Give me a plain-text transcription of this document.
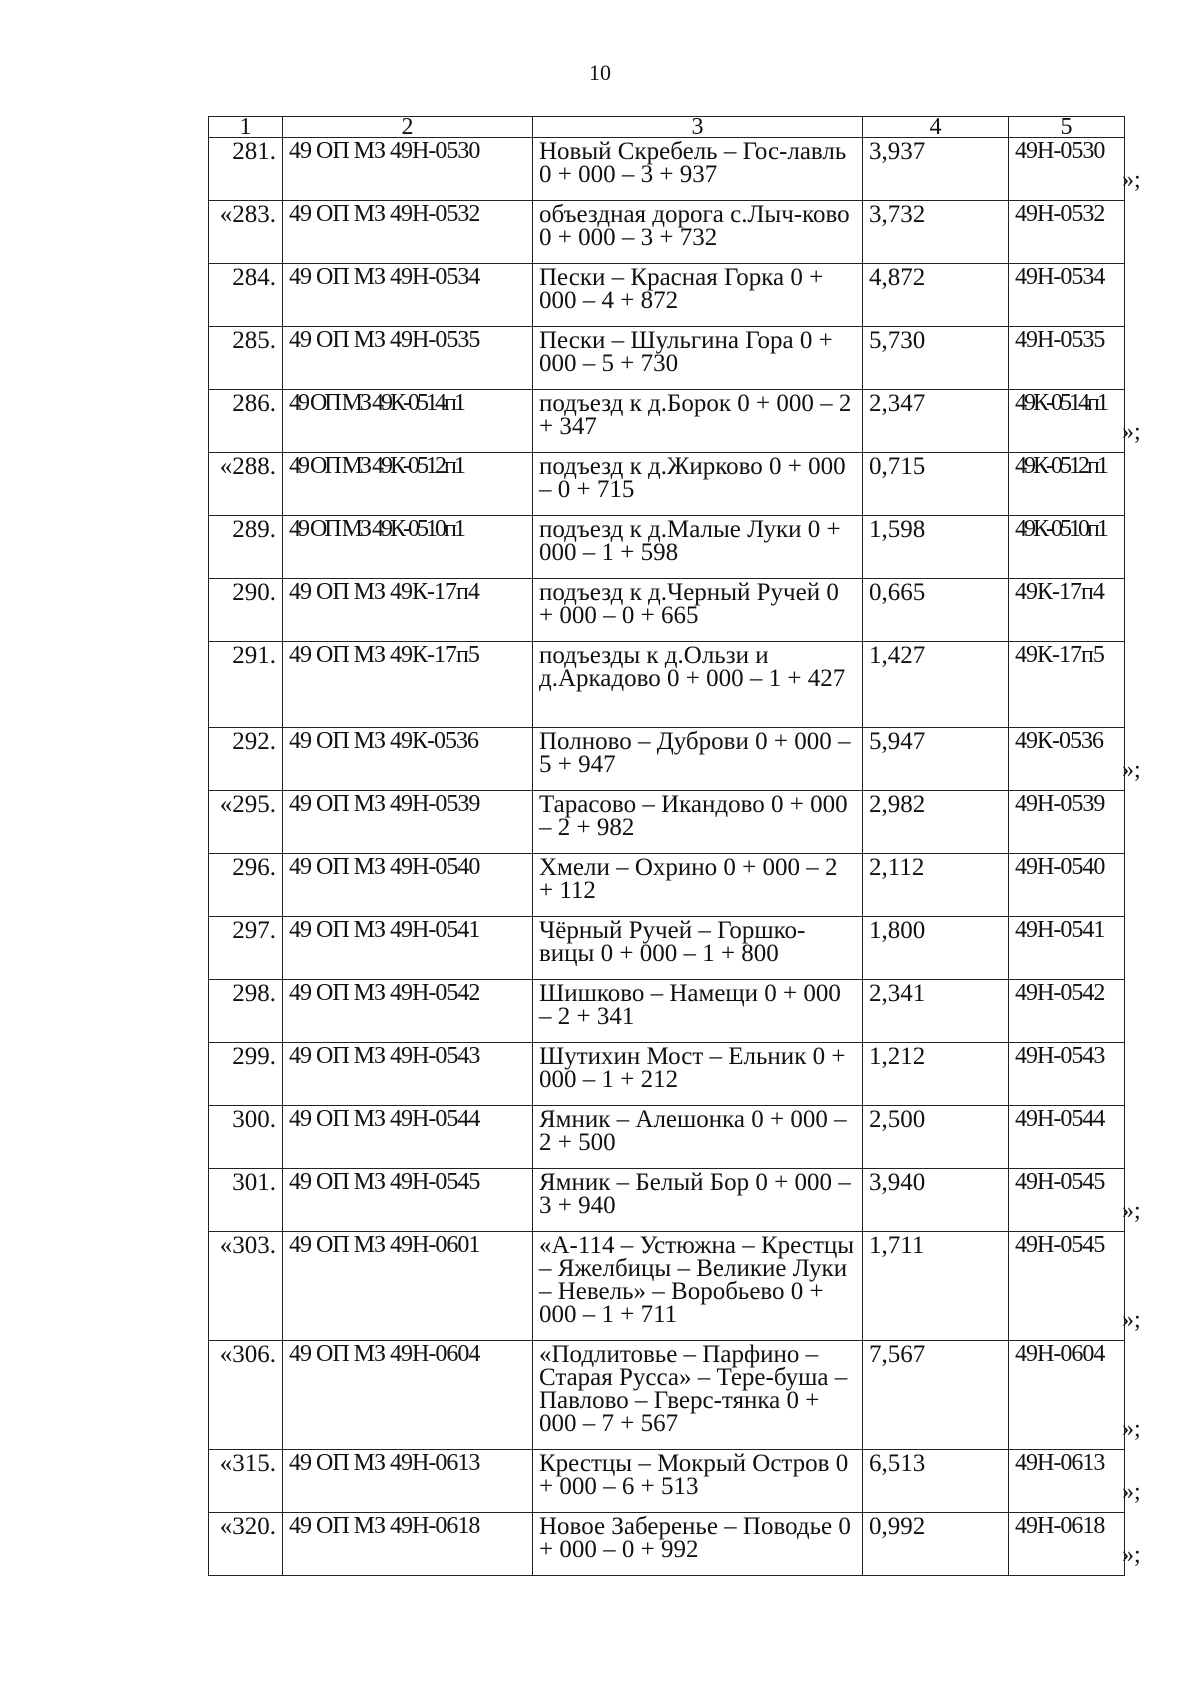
10
1	2	3	4	5
281.	49 ОП МЗ 49Н-0530	Новый Скребель – Гос-лавль 0 + 000 – 3 + 937	3,937	49Н-0530
«283.	49 ОП МЗ 49Н-0532	объездная дорога с.Лыч-ково 0 + 000 – 3 + 732	3,732	49Н-0532
284.	49 ОП МЗ 49Н-0534	Пески – Красная Горка 0 + 000 – 4 + 872	4,872	49Н-0534
285.	49 ОП МЗ 49Н-0535	Пески – Шульгина Гора 0 + 000 – 5 + 730	5,730	49Н-0535
286.	49 ОП МЗ 49К-0514п1	подъезд к д.Борок 0 + 000 – 2 + 347	2,347	49К-0514п1
«288.	49 ОП МЗ 49К-0512п1	подъезд к д.Жирково 0 + 000 – 0 + 715	0,715	49К-0512п1
289.	49 ОП МЗ 49К-0510п1	подъезд к д.Малые Луки 0 + 000 – 1 + 598	1,598	49К-0510п1
290.	49 ОП МЗ 49К-17п4	подъезд к д.Черный Ручей 0 + 000 – 0 + 665	0,665	49К-17п4
291.	49 ОП МЗ 49К-17п5	подъезды к д.Ользи и д.Аркадово 0 + 000 – 1 + 427	1,427	49К-17п5
292.	49 ОП МЗ 49К-0536	Полново – Дуброви 0 + 000 – 5 + 947	5,947	49К-0536
«295.	49 ОП МЗ 49Н-0539	Тарасово – Икандово 0 + 000 – 2 + 982	2,982	49Н-0539
296.	49 ОП МЗ 49Н-0540	Хмели – Охрино 0 + 000 – 2 + 112	2,112	49Н-0540
297.	49 ОП МЗ 49Н-0541	Чёрный Ручей – Горшко-вицы 0 + 000 – 1 + 800	1,800	49Н-0541
298.	49 ОП МЗ 49Н-0542	Шишково – Намещи 0 + 000 – 2 + 341	2,341	49Н-0542
299.	49 ОП МЗ 49Н-0543	Шутихин Мост – Ельник 0 + 000 – 1 + 212	1,212	49Н-0543
300.	49 ОП МЗ 49Н-0544	Ямник – Алешонка 0 + 000 – 2 + 500	2,500	49Н-0544
301.	49 ОП МЗ 49Н-0545	Ямник – Белый Бор 0 + 000 – 3 + 940	3,940	49Н-0545
«303.	49 ОП МЗ 49Н-0601	«А-114 – Устюжна – Крестцы – Яжелбицы – Великие Луки – Невель» – Воробьево 0 + 000 – 1 + 711	1,711	49Н-0545
«306.	49 ОП МЗ 49Н-0604	«Подлитовье – Парфино – Старая Русса» – Тере-буша – Павлово – Гверс-тянка 0 + 000 – 7 + 567	7,567	49Н-0604
«315.	49 ОП МЗ 49Н-0613	Крестцы – Мокрый Остров 0 + 000 – 6 + 513	6,513	49Н-0613
«320.	49 ОП МЗ 49Н-0618	Новое Заберенье – Поводье 0 + 000 – 0 + 992	0,992	49Н-0618
»;
»;
»;
»;
»;
»;
»;
»;
